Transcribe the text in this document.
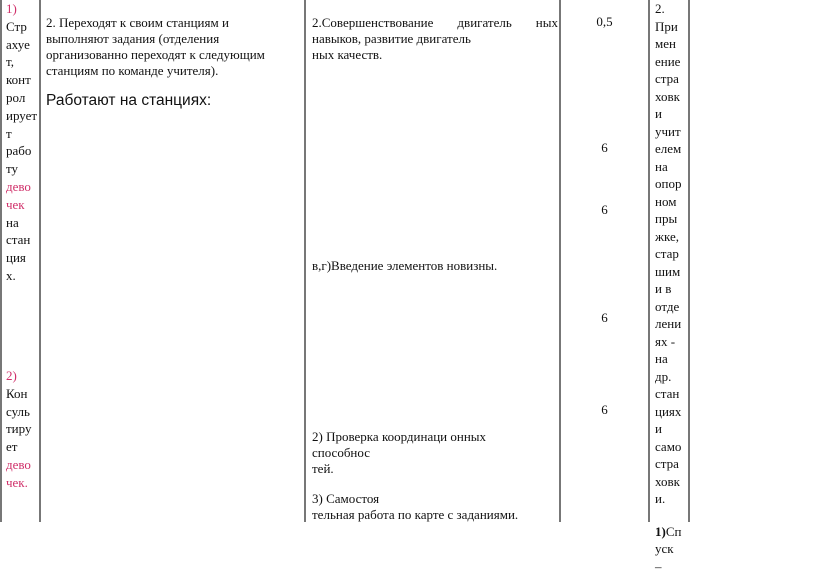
1)
Стр
ахуе
т,
конт
рол
ирует
т
рабо
ту
дево
чек
на
стан
ция
х.
2)
Кон
суль
тиру
ет
дево
чек.
2. Переходят к своим станциям и
выполняют задания (отделения
организованно переходят к следующим
станциям по команде учителя).
Работают на станциях:
2.Совершенствование двигатель ных
навыков, развитие двигатель
ных качеств.
в,г)Введение элементов новизны.
2) Проверка координаци онных
способнос
тей.
3) Самостоя
тельная работа по карте с заданиями.
0,5
6
6
6
6
2.
При
мен
ение
стра
ховк
и
учит
елем
на
опор
ном
пры
жке,
стар
шим
и в
отде
лени
ях -
на
др.
стан
циях
и
само
стра
ховк
и.
1)Сп
уск
–
